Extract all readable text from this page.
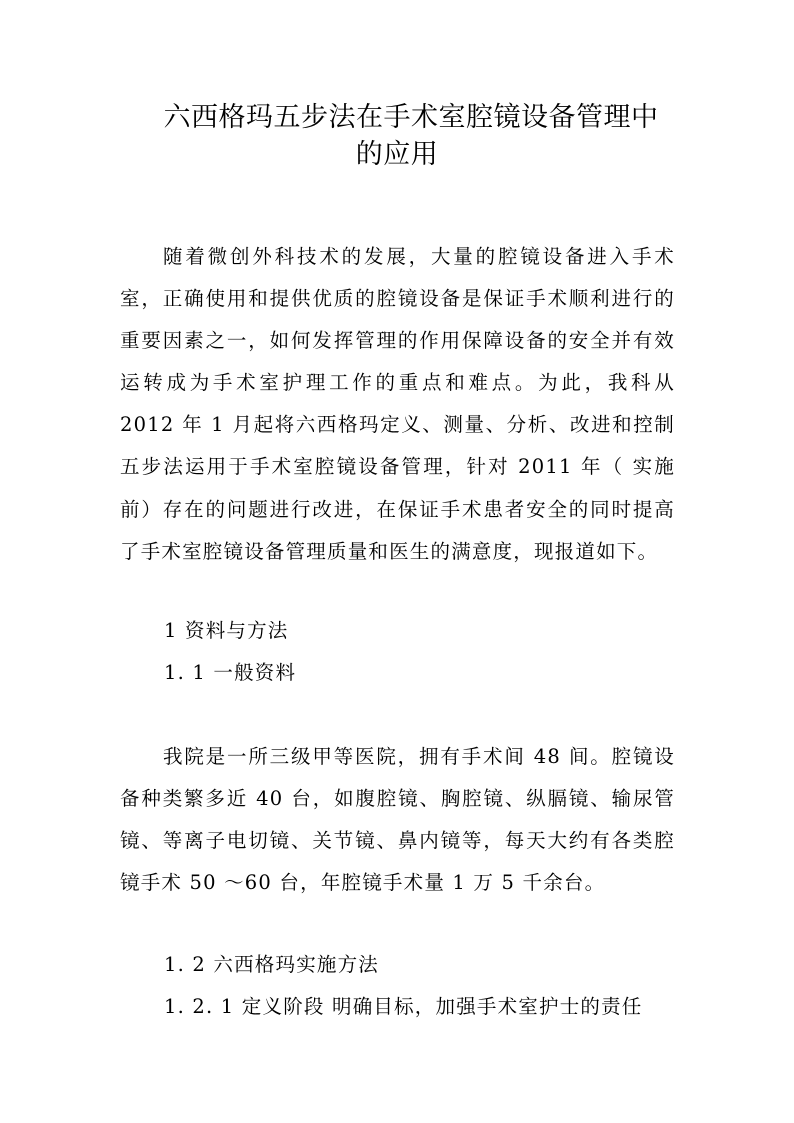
六西格玛五步法在手术室腔镜设备管理中
的应用

随着微创外科技术的发展，大量的腔镜设备进入手术室，正确使用和提供优质的腔镜设备是保证手术顺利进行的重要因素之一，如何发挥管理的作用保障设备的安全并有效运转成为手术室护理工作的重点和难点。为此，我科从 2012 年 1 月起将六西格玛定义、测量、分析、改进和控制五步法运用于手术室腔镜设备管理，针对 2011 年（ 实施前）存在的问题进行改进，在保证手术患者安全的同时提高了手术室腔镜设备管理质量和医生的满意度，现报道如下。

1 资料与方法
1. 1 一般资料

我院是一所三级甲等医院，拥有手术间 48 间。腔镜设备种类繁多近 40 台，如腹腔镜、胸腔镜、纵膈镜、输尿管镜、等离子电切镜、关节镜、鼻内镜等，每天大约有各类腔镜手术 50 ～60 台，年腔镜手术量 1 万 5 千余台。

1. 2 六西格玛实施方法
1. 2. 1 定义阶段 明确目标，加强手术室护士的责任
